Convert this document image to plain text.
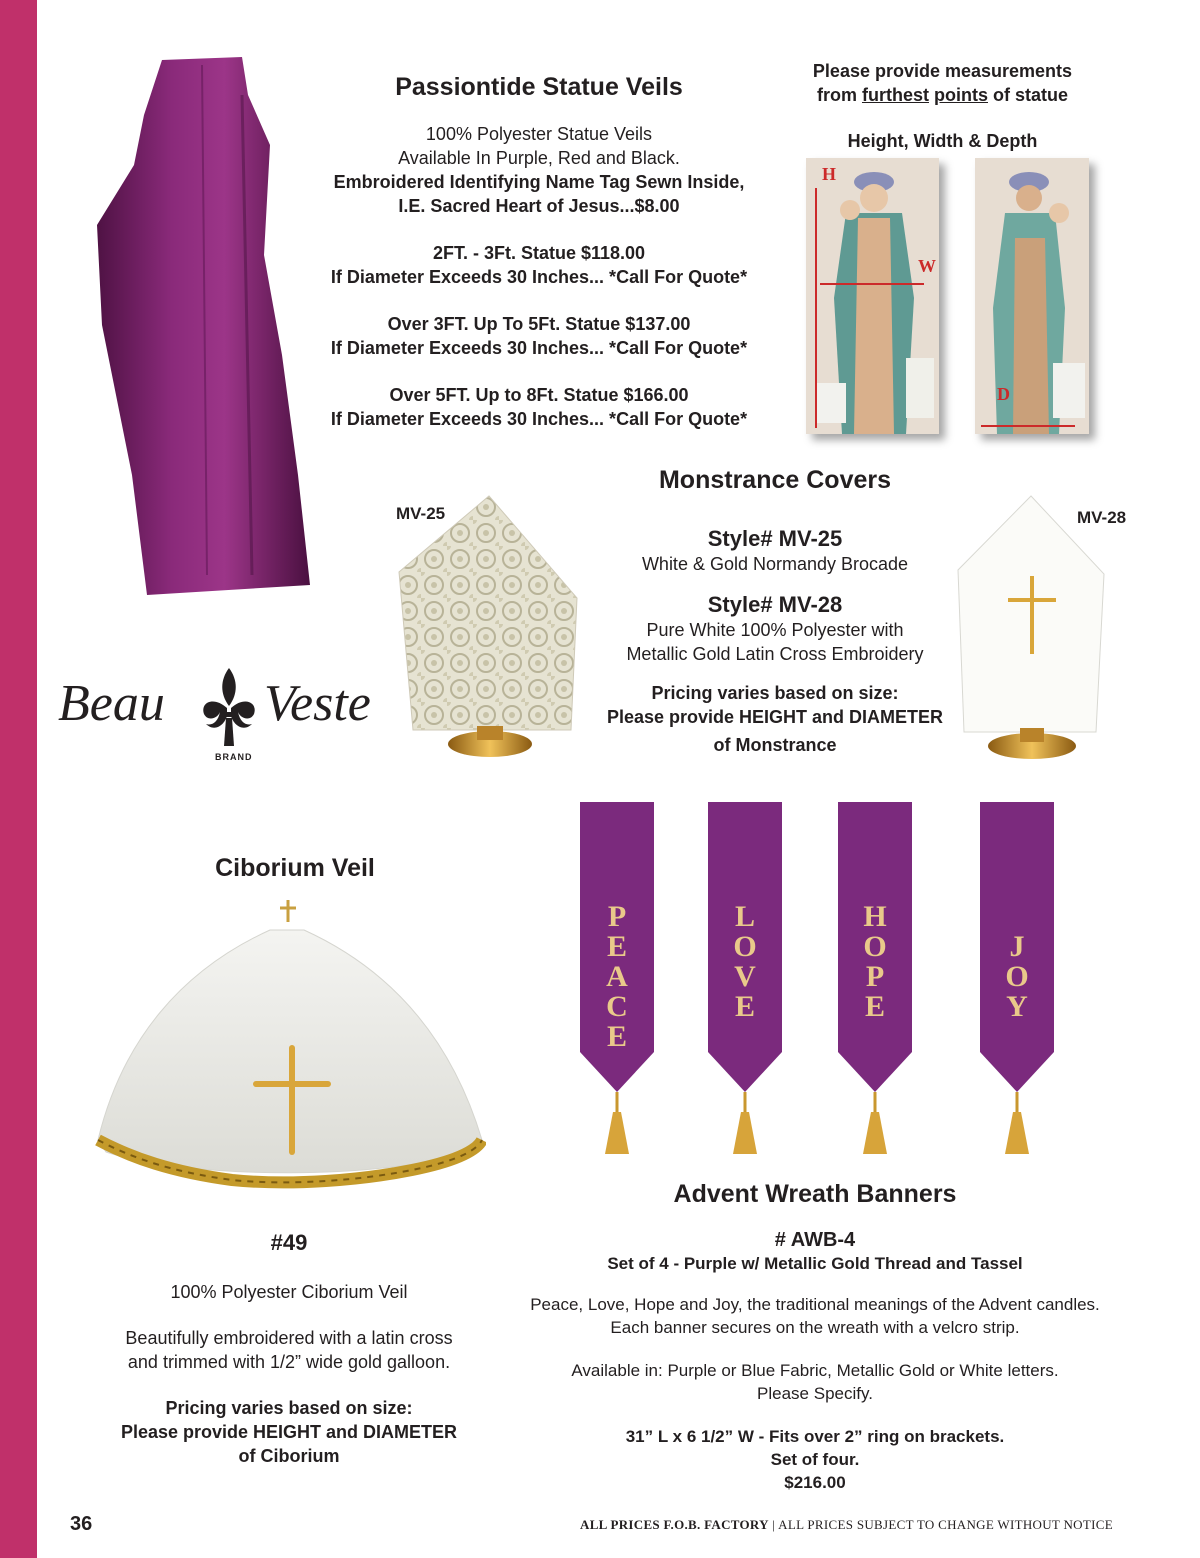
Passiontide Statue Veils
100% Polyester Statue Veils
Available In Purple, Red and Black.
Embroidered Identifying Name Tag Sewn Inside,
I.E. Sacred Heart of Jesus...$8.00
2FT. - 3Ft. Statue $118.00
If Diameter Exceeds 30 Inches... *Call For Quote*
Over 3FT. Up To 5Ft. Statue $137.00
If Diameter Exceeds 30 Inches... *Call For Quote*
Over 5FT. Up to 8Ft. Statue $166.00
If Diameter Exceeds 30 Inches... *Call For Quote*
Please provide measurements
from furthest points of statue
Height, Width & Depth
H
W
D
Monstrance Covers
MV-25	MV-28
Style# MV-25
White & Gold Normandy Brocade
Style# MV-28
Pure White 100% Polyester with
Metallic Gold Latin Cross Embroidery
Pricing varies based on size:
Please provide HEIGHT and DIAMETER
of Monstrance
Beau Veste
BRAND
Ciborium Veil
#49
100% Polyester Ciborium Veil
Beautifully embroidered with a latin cross
and trimmed with 1/2” wide gold galloon.
Pricing varies based on size:
Please provide HEIGHT and DIAMETER
of Ciborium
P
E
A
C
E
L
O
V
E
H
O
P
E
J
O
Y
Advent Wreath Banners
# AWB-4
Set of 4 - Purple w/ Metallic Gold Thread and Tassel
Peace, Love, Hope and Joy, the traditional meanings of the Advent candles.
Each banner secures on the wreath with a velcro strip.
Available in: Purple or Blue Fabric, Metallic Gold or White letters.
Please Specify.
31” L x 6 1/2” W - Fits over 2” ring on brackets.
Set of four.
$216.00
36	ALL PRICES F.O.B. FACTORY | ALL PRICES SUBJECT TO CHANGE WITHOUT NOTICE
